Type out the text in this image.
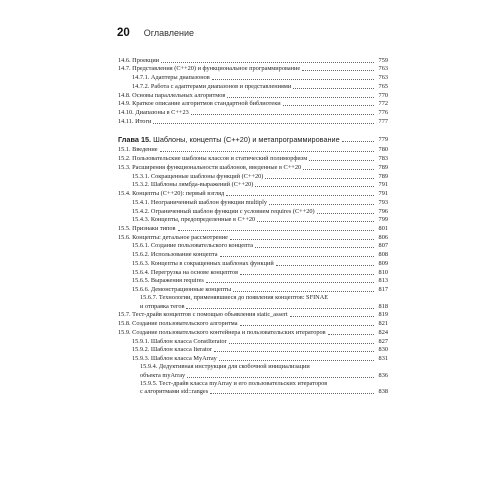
20 Оглавление
14.6. Проекции	759
14.7. Представления (C++20) и функциональное программирование	763
14.7.1. Адаптеры диапазонов	763
14.7.2. Работа с адаптерами диапазонов и представлениями	765
14.8. Основы параллельных алгоритмов	770
14.9. Краткое описание алгоритмов стандартной библиотеки	772
14.10. Диапазоны в C++23	776
14.11. Итоги	777
Глава 15. Шаблоны, концепты (C++20) и метапрограммирование	779
15.1. Введение	780
15.2. Пользовательские шаблоны классов и статический полиморфизм	783
15.3. Расширения функциональности шаблонов, введенные в C++20	789
15.3.1. Сокращенные шаблоны функций (C++20)	789
15.3.2. Шаблоны лямбда-выражений (C++20)	791
15.4. Концепты (C++20): первый взгляд	791
15.4.1. Неограниченный шаблон функции multiply	793
15.4.2. Ограниченный шаблон функции с условием requires (C++20)	796
15.4.3. Концепты, предопределенные в C++20	799
15.5. Признаки типов	801
15.6. Концепты: детальное рассмотрение	806
15.6.1. Создание пользовательского концепта	807
15.6.2. Использование концепта	808
15.6.3. Концепты в сокращенных шаблонах функций	809
15.6.4. Перегрузка на основе концептов	810
15.6.5. Выражения requires	813
15.6.6. Демонстрационные концепты	817
15.6.7. Технологии, применявшиеся до появления концептов: SFINAE
и отправка тегов	818
15.7. Тест-драйв концептов с помощью объявления static_assert	819
15.8. Создание пользовательского алгоритма	821
15.9. Создание пользовательского контейнера и пользовательских итераторов	824
15.9.1. Шаблон класса ConstIterator	827
15.9.2. Шаблон класса Iterator	830
15.9.3. Шаблон класса MyArray	831
15.9.4. Дедуктивная инструкция для скобочной инициализации
объекта myArray	836
15.9.5. Тест-драйв класса myArray и его пользовательских итераторов
с алгоритмами std::ranges	838
